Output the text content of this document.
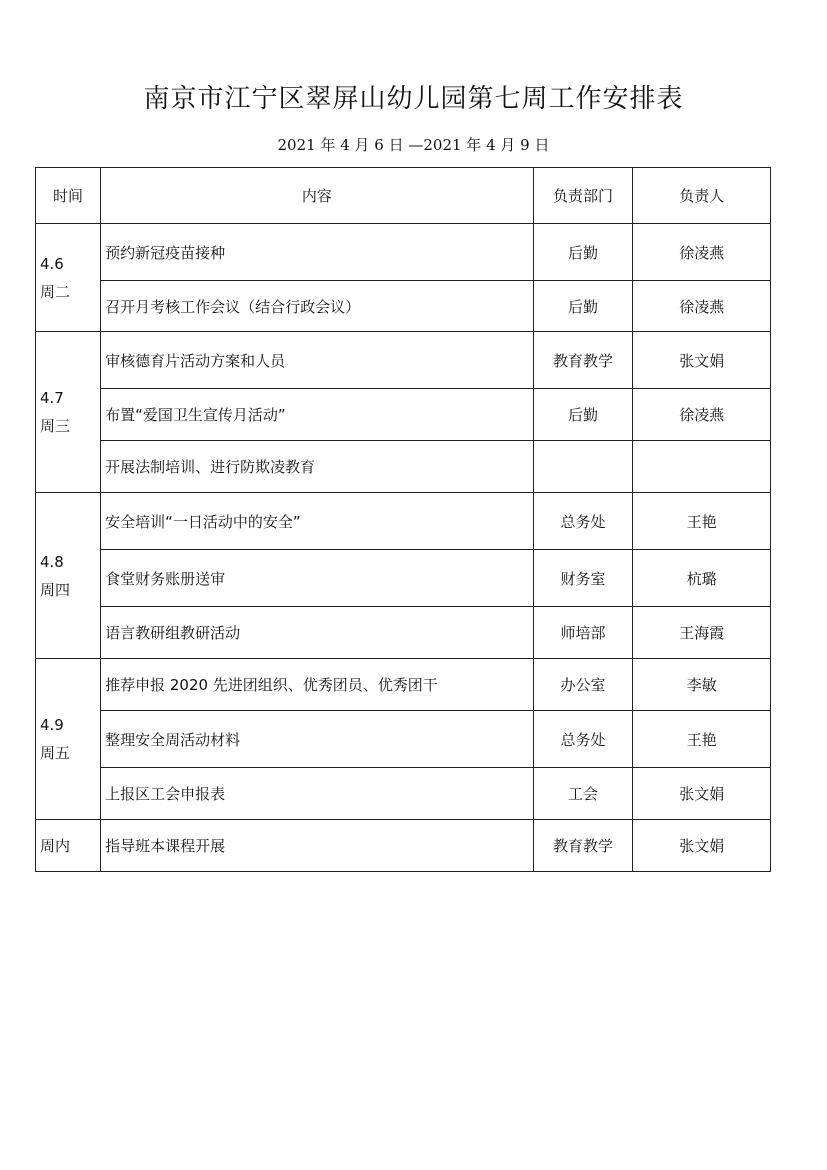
南京市江宁区翠屏山幼儿园第七周工作安排表
2021 年 4 月 6 日 —2021 年 4 月 9 日
时间	内容	负责部门	负责人

4.6
周二	预约新冠疫苗接种	后勤	徐凌燕
	召开月考核工作会议（结合行政会议）	后勤	徐凌燕

4.7
周三	审核德育片活动方案和人员	教育教学	张文娟
	布置“爱国卫生宣传月活动”	后勤	徐凌燕
	开展法制培训、进行防欺凌教育		

4.8
周四	安全培训“一日活动中的安全”	总务处	王艳
	食堂财务账册送审	财务室	杭璐
	语言教研组教研活动	师培部	王海霞

4.9
周五	推荐申报 2020 先进团组织、优秀团员、优秀团干	办公室	李敏
	整理安全周活动材料	总务处	王艳
	上报区工会申报表	工会	张文娟

周内	指导班本课程开展	教育教学	张文娟
